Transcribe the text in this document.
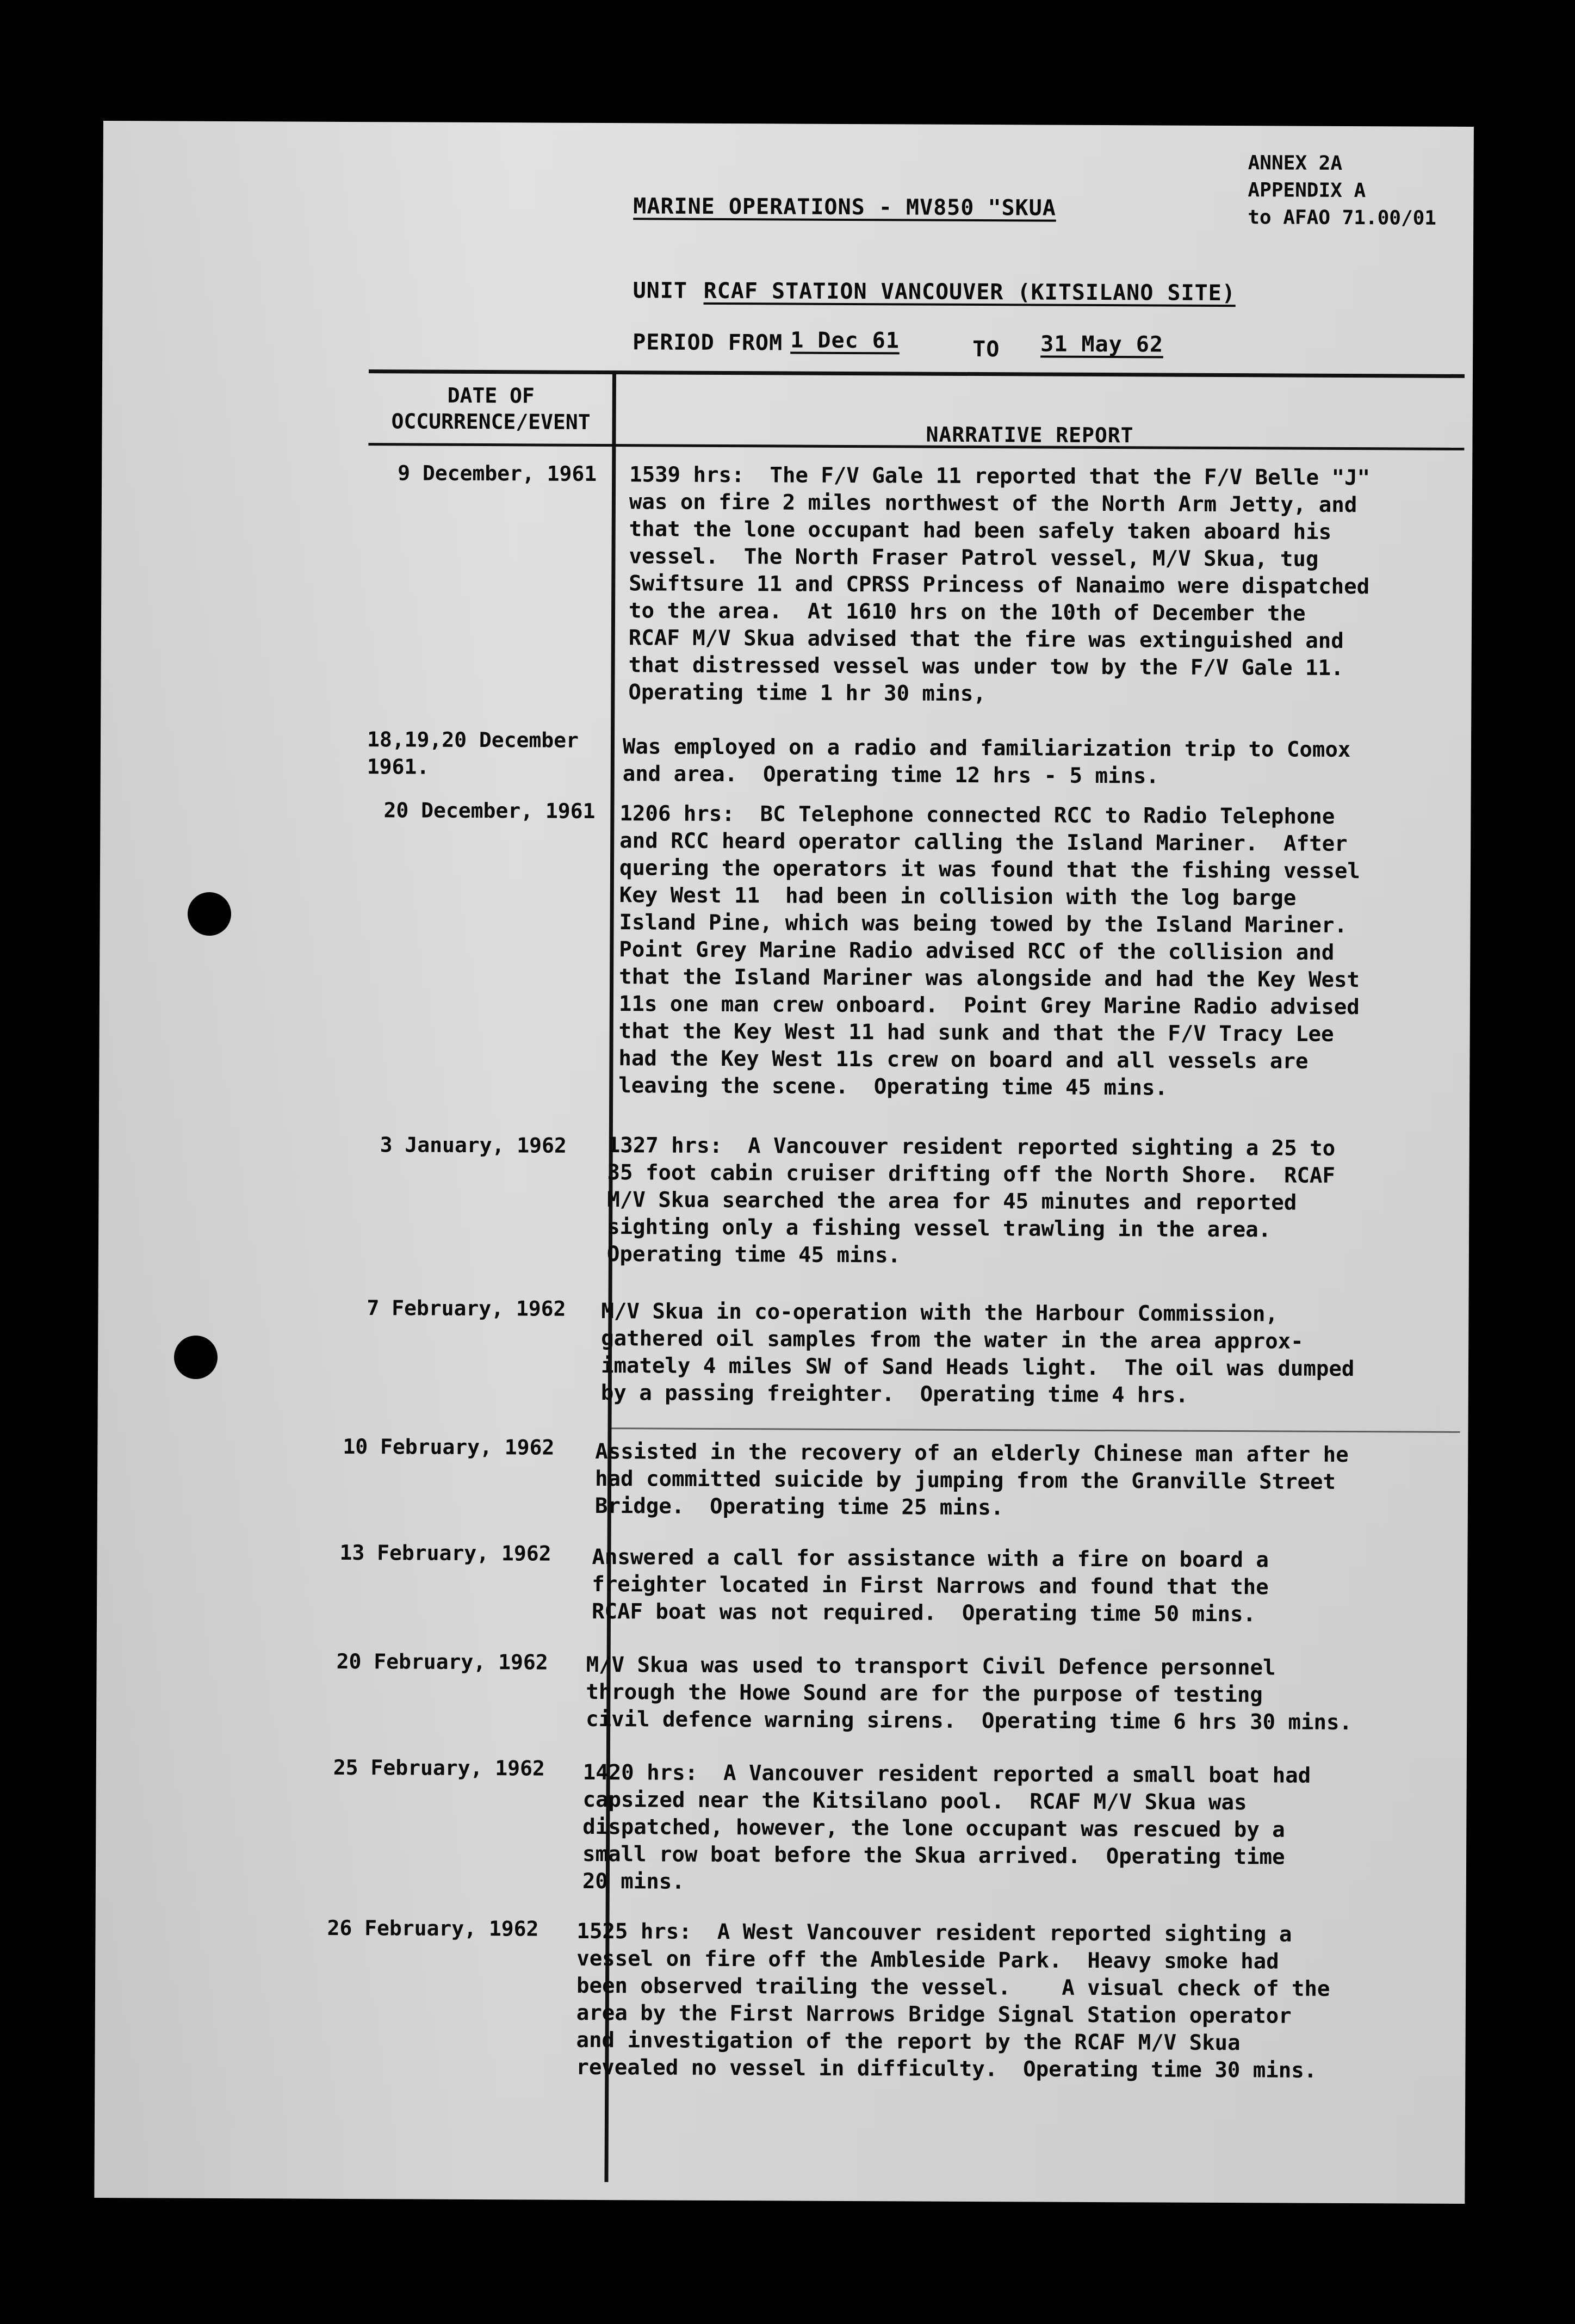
ANNEX 2A
APPENDIX A
to AFAO 71.00/01
MARINE OPERATIONS - MV850 "SKUA
UNIT RCAF STATION VANCOUVER (KITSILANO SITE)
PERIOD FROM 1 Dec 61	TO 31 May 62
DATE OF
OCCURRENCE/EVENT
NARRATIVE REPORT
9 December, 1961 1539 hrs:  The F/V Gale 11 reported that the F/V Belle "J"
was on fire 2 miles northwest of the North Arm Jetty, and
that the lone occupant had been safely taken aboard his
vessel.  The North Fraser Patrol vessel, M/V Skua, tug
Swiftsure 11 and CPRSS Princess of Nanaimo were dispatched
to the area.  At 1610 hrs on the 10th of December the
RCAF M/V Skua advised that the fire was extinguished and
that distressed vessel was under tow by the F/V Gale 11.
Operating time 1 hr 30 mins,
18,19,20 December
1961.
Was employed on a radio and familiarization trip to Comox
and area.  Operating time 12 hrs - 5 mins.
20 December, 1961 1206 hrs:  BC Telephone connected RCC to Radio Telephone
and RCC heard operator calling the Island Mariner.  After
quering the operators it was found that the fishing vessel
Key West 11  had been in collision with the log barge
Island Pine, which was being towed by the Island Mariner.
Point Grey Marine Radio advised RCC of the collision and
that the Island Mariner was alongside and had the Key West
11s one man crew onboard.  Point Grey Marine Radio advised
that the Key West 11 had sunk and that the F/V Tracy Lee
had the Key West 11s crew on board and all vessels are
leaving the scene.  Operating time 45 mins.
3 January, 1962 1327 hrs:  A Vancouver resident reported sighting a 25 to
35 foot cabin cruiser drifting off the North Shore.  RCAF
M/V Skua searched the area for 45 minutes and reported
sighting only a fishing vessel trawling in the area.
Operating time 45 mins.
7 February, 1962 M/V Skua in co-operation with the Harbour Commission,
gathered oil samples from the water in the area approx-
imately 4 miles SW of Sand Heads light.  The oil was dumped
by a passing freighter.  Operating time 4 hrs.
10 February, 1962 Assisted in the recovery of an elderly Chinese man after he
had committed suicide by jumping from the Granville Street
Bridge.  Operating time 25 mins.
13 February, 1962 Answered a call for assistance with a fire on board a
freighter located in First Narrows and found that the
RCAF boat was not required.  Operating time 50 mins.
20 February, 1962 M/V Skua was used to transport Civil Defence personnel
through the Howe Sound are for the purpose of testing
civil defence warning sirens.  Operating time 6 hrs 30 mins.
25 February, 1962 1420 hrs:  A Vancouver resident reported a small boat had
capsized near the Kitsilano pool.  RCAF M/V Skua was
dispatched, however, the lone occupant was rescued by a
small row boat before the Skua arrived.  Operating time
20 mins.
26 February, 1962 1525 hrs:  A West Vancouver resident reported sighting a
vessel on fire off the Ambleside Park.  Heavy smoke had
been observed trailing the vessel.    A visual check of the
area by the First Narrows Bridge Signal Station operator
and investigation of the report by the RCAF M/V Skua
revealed no vessel in difficulty.  Operating time 30 mins.
